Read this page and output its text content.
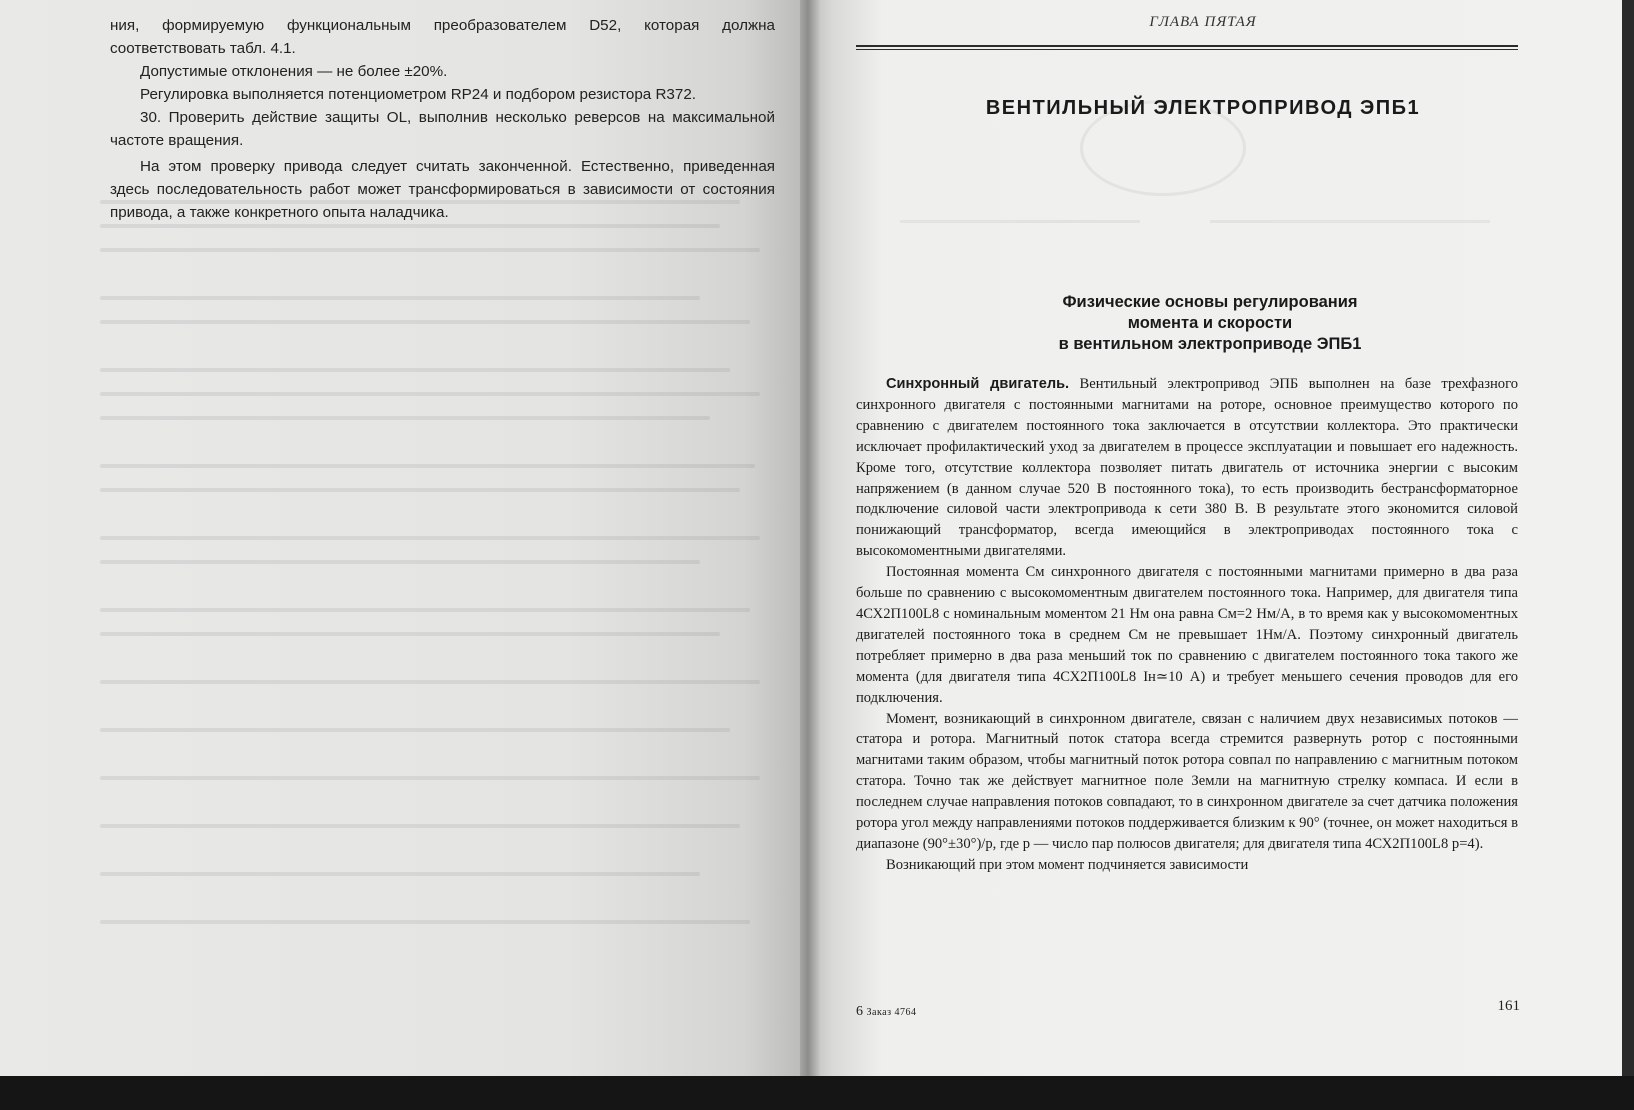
ния, формируемую функциональным преобразователем D52, которая должна соответствовать табл. 4.1.

Допустимые отклонения — не более ±20%.

Регулировка выполняется потенциометром RP24 и подбором резистора R372.

30. Проверить действие защиты OL, выполнив несколько реверсов на максимальной частоте вращения.

На этом проверку привода следует считать законченной. Естественно, приведенная здесь последовательность работ может трансформироваться в зависимости от состояния привода, а также конкретного опыта наладчика.

ГЛАВА ПЯТАЯ
ВЕНТИЛЬНЫЙ ЭЛЕКТРОПРИВОД ЭПБ1
Физические основы регулирования
момента и скорости
в вентильном электроприводе ЭПБ1

Синхронный двигатель. Вентильный электропривод ЭПБ выполнен на базе трехфазного синхронного двигателя с постоянными магнитами на роторе, основное преимущество которого по сравнению с двигателем постоянного тока заключается в отсутствии коллектора. Это практически исключает профилактический уход за двигателем в процессе эксплуатации и повышает его надежность. Кроме того, отсутствие коллектора позволяет питать двигатель от источника энергии с высоким напряжением (в данном случае 520 В постоянного тока), то есть производить бестрансформаторное подключение силовой части электропривода к сети 380 В. В результате этого экономится силовой понижающий трансформатор, всегда имеющийся в электроприводах постоянного тока с высокомоментными двигателями.

Постоянная момента Cм синхронного двигателя с постоянными магнитами примерно в два раза больше по сравнению с высокомоментным двигателем постоянного тока. Например, для двигателя типа 4СХ2П100L8 с номинальным моментом 21 Нм она равна Cм=2 Нм/А, в то время как у высокомоментных двигателей постоянного тока в среднем Cм не превышает 1Нм/А. Поэтому синхронный двигатель потребляет примерно в два раза меньший ток по сравнению с двигателем постоянного тока такого же момента (для двигателя типа 4СХ2П100L8 Iн≃10 А) и требует меньшего сечения проводов для его подключения.

Момент, возникающий в синхронном двигателе, связан с наличием двух независимых потоков — статора и ротора. Магнитный поток статора всегда стремится развернуть ротор с постоянными магнитами таким образом, чтобы магнитный поток ротора совпал по направлению с магнитным потоком статора. Точно так же действует магнитное поле Земли на магнитную стрелку компаса. И если в последнем случае направления потоков совпадают, то в синхронном двигателе за счет датчика положения ротора угол между направлениями потоков поддерживается близким к 90° (точнее, он может находиться в диапазоне (90°±30°)/p, где p — число пар полюсов двигателя; для двигателя типа 4СХ2П100L8 p=4).

Возникающий при этом момент подчиняется зависимости

6 Заказ 4764	161
